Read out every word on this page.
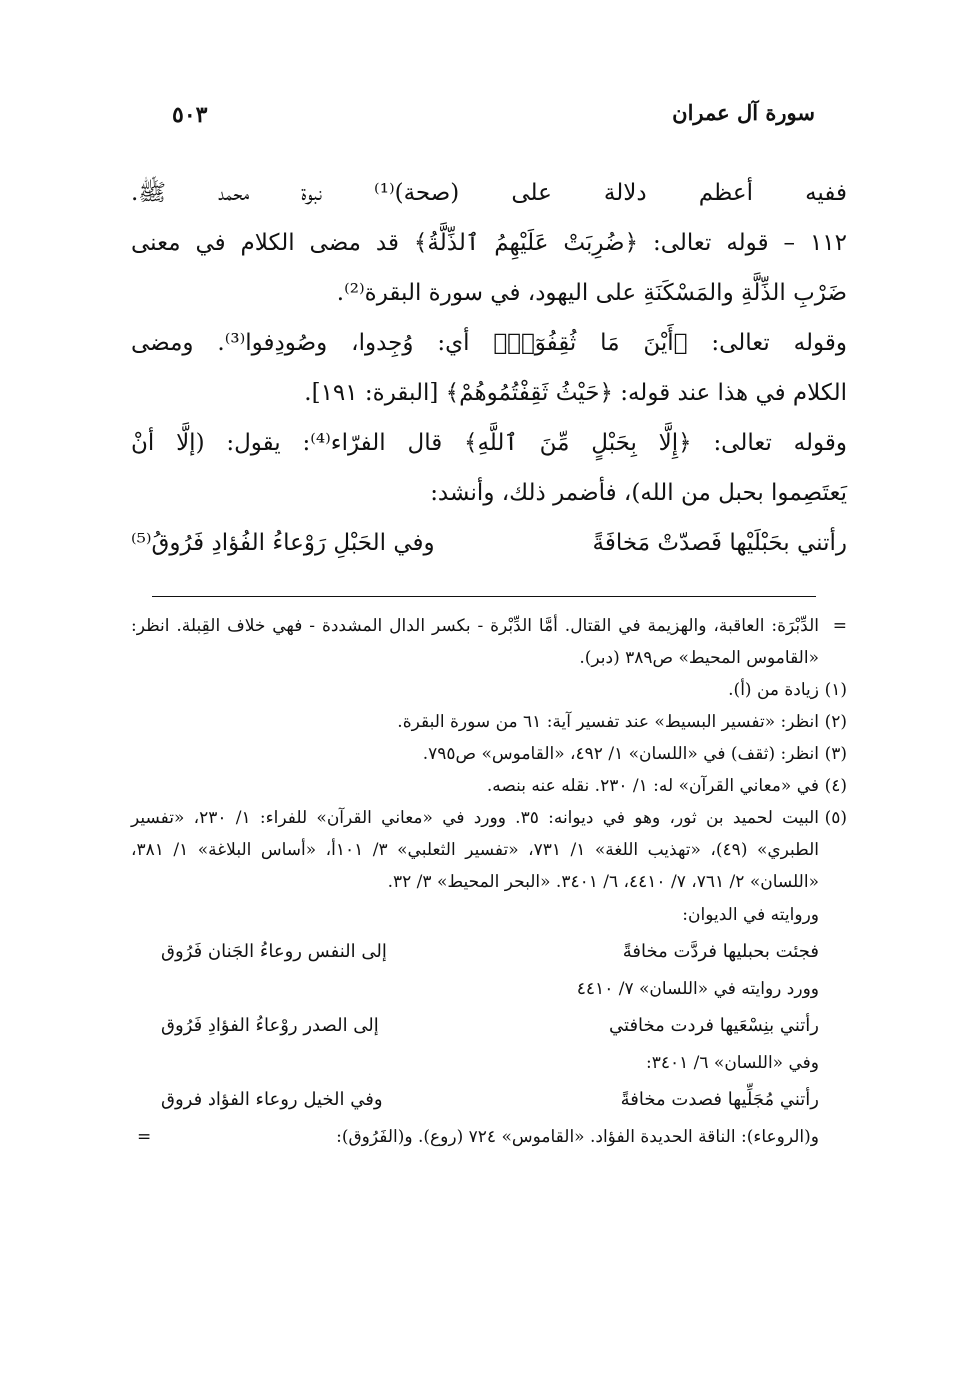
سورة آل عمران
٥٠٣

ففيه أعظم دلالة على (صحة)⁽¹⁾ نبوة محمد ﷺ.

١١٢ – قوله تعالى: ﴿ضُرِبَتْ عَلَيْهِمُ ٱلذِّلَّةُ﴾ قد مضى الكلام في معنى

ضَرْبِ الذِّلَّةِ والمَسْكَنَةِ على اليهود، في سورة البقرة⁽²⁾.

وقوله تعالى: ﴿أَيْنَ مَا ثُقِفُوٓا۟﴾ أي: وُجِدوا، وصُودِفوا⁽³⁾. ومضى

الكلام في هذا عند قوله: ﴿حَيْثُ ثَقِفْتُمُوهُمْ﴾ [البقرة: ١٩١].

وقوله تعالى: ﴿إِلَّا بِحَبْلٍ مِّنَ ٱللَّهِ﴾ قال الفرّاء⁽⁴⁾: يقول: (إلَّا أنْ

يَعتَصِموا بحبل من الله)، فأضمر ذلك، وأنشد:

رأتني بحَبْلَيْها فَصدّتْ مَخافَةً
وفي الحَبْلِ رَوْعاءُ الفُؤادِ فَرُوقُ⁽⁵⁾
=
الدِّبْرَة: العاقبة، والهزيمة في القتال. أمَّا الدِّبْرة - بكسر الدال المشددة - فهي خلاف القِبلة. انظر: «القاموس المحيط» ص٣٨٩ (دبر).
(١)
زيادة من (أ).
(٢)
انظر: «تفسير البسيط» عند تفسير آية: ٦١ من سورة البقرة.
(٣)
انظر: (ثقف) في «اللسان» ١/ ٤٩٢، «القاموس» ص٧٩٥.
(٤)
في «معاني القرآن» له: ١/ ٢٣٠. نقله عنه بنصه.
(٥)
البيت لحميد بن ثور، وهو في ديوانه: ٣٥. وورد في «معاني القرآن» للفراء: ١/ ٢٣٠، «تفسير الطبري» (٤٩)، «تهذيب اللغة» ١/ ٧٣١، «تفسير الثعلبي» ٣/ ١٠١أ، «أساس البلاغة» ١/ ٣٨١، «اللسان» ٢/ ٧٦١، ٧/ ٤٤١٠، ٦/ ٣٤٠١. «البحر المحيط» ٣/ ٣٢.
وروايته في الديوان:
فجئت بحبليها فردَّت مخافةً
إلى النفس روعاءُ الجَنان فَرُوق
وورد روايته في «اللسان» ٧/ ٤٤١٠
رأتني بنِسْعَيها فردت مخافتي
إلى الصدر روْعاءُ الفؤادِ فَرُوق
وفي «اللسان» ٦/ ٣٤٠١:
رأتني مُجَلِّيها فصدت مخافةً
وفي الخيل روعاء الفؤاد فروق
و(الروعاء): الناقة الحديدة الفؤاد. «القاموس» ٧٢٤ (روع). و(الفَرُوق):
=
